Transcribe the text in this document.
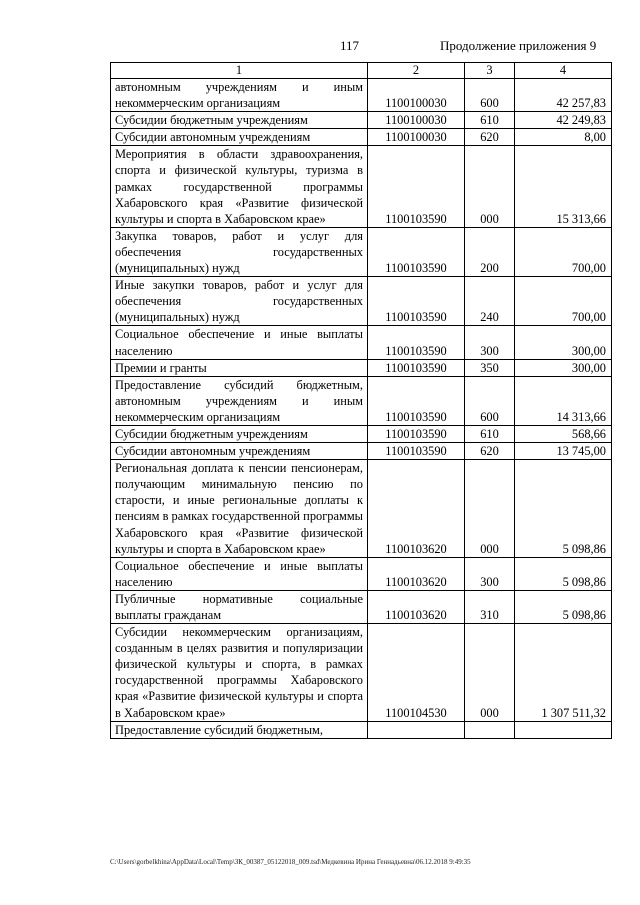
117	Продолжение приложения 9
1	2	3	4
автономным учреждениям и иным некоммерческим организациям	1100100030	600	42 257,83
Субсидии бюджетным учреждениям	1100100030	610	42 249,83
Субсидии автономным учреждениям	1100100030	620	8,00
Мероприятия в области здравоохранения, спорта и физической культуры, туризма в рамках государственной программы Хабаровского края «Развитие физической культуры и спорта в Хабаровском крае»	1100103590	000	15 313,66
Закупка товаров, работ и услуг для обеспечения государственных (муниципальных) нужд	1100103590	200	700,00
Иные закупки товаров, работ и услуг для обеспечения государственных (муниципальных) нужд	1100103590	240	700,00
Социальное обеспечение и иные выплаты населению	1100103590	300	300,00
Премии и гранты	1100103590	350	300,00
Предоставление субсидий бюджетным, автономным учреждениям и иным некоммерческим организациям	1100103590	600	14 313,66
Субсидии бюджетным учреждениям	1100103590	610	568,66
Субсидии автономным учреждениям	1100103590	620	13 745,00
Региональная доплата к пенсии пенсионерам, получающим минимальную пенсию по старости, и иные региональные доплаты к пенсиям в рамках государственной программы Хабаровского края «Развитие физической культуры и спорта в Хабаровском крае»	1100103620	000	5 098,86
Социальное обеспечение и иные выплаты населению	1100103620	300	5 098,86
Публичные нормативные социальные выплаты гражданам	1100103620	310	5 098,86
Субсидии некоммерческим организациям, созданным в целях развития и популяризации физической культуры и спорта, в рамках государственной программы Хабаровского края «Развитие физической культуры и спорта в Хабаровском крае»	1100104530	000	1 307 511,32
Предоставление субсидий бюджетным,			
C:\Users\gorbelkhina\AppData\Local\Temp\ЗК_00387_05122018_009.tsd\Медкевина Ирина Геннадьевна\06.12.2018 9:49:35
